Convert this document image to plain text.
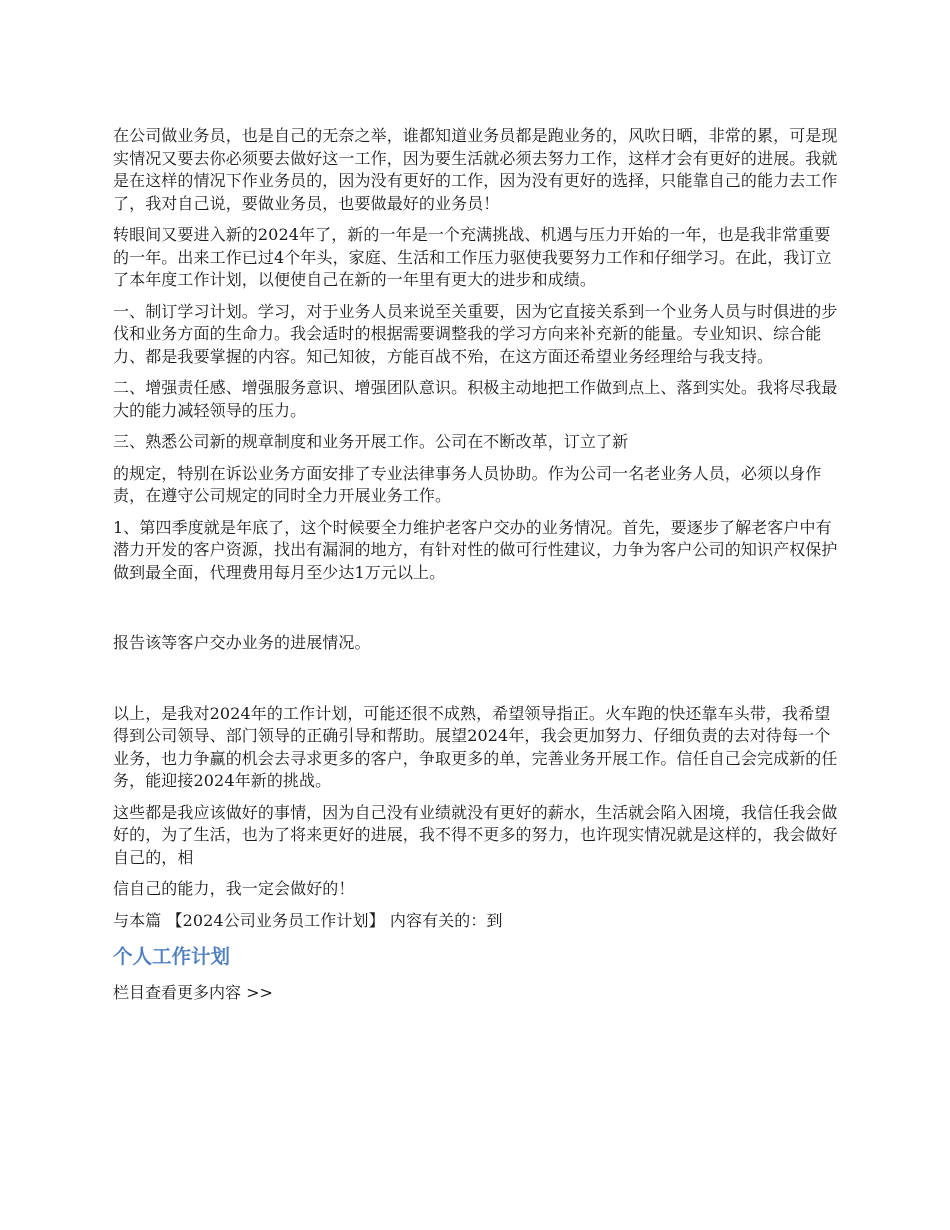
在公司做业务员，也是自己的无奈之举，谁都知道业务员都是跑业务的，风吹日晒，非常的累，可是现实情况又要去你必须要去做好这一工作，因为要生活就必须去努力工作，这样才会有更好的进展。我就是在这样的情况下作业务员的，因为没有更好的工作，因为没有更好的选择，只能靠自己的能力去工作了，我对自己说，要做业务员，也要做最好的业务员！

转眼间又要进入新的2024年了，新的一年是一个充满挑战、机遇与压力开始的一年，也是我非常重要的一年。出来工作已过4个年头，家庭、生活和工作压力驱使我要努力工作和仔细学习。在此，我订立了本年度工作计划，以便使自己在新的一年里有更大的进步和成绩。

一、制订学习计划。学习，对于业务人员来说至关重要，因为它直接关系到一个业务人员与时俱进的步伐和业务方面的生命力。我会适时的根据需要调整我的学习方向来补充新的能量。专业知识、综合能力、都是我要掌握的内容。知己知彼，方能百战不殆，在这方面还希望业务经理给与我支持。

二、增强责任感、增强服务意识、增强团队意识。积极主动地把工作做到点上、落到实处。我将尽我最大的能力减轻领导的压力。

三、熟悉公司新的规章制度和业务开展工作。公司在不断改革，订立了新

的规定，特别在诉讼业务方面安排了专业法律事务人员协助。作为公司一名老业务人员，必须以身作责，在遵守公司规定的同时全力开展业务工作。

1、第四季度就是年底了，这个时候要全力维护老客户交办的业务情况。首先，要逐步了解老客户中有潜力开发的客户资源，找出有漏洞的地方，有针对性的做可行性建议，力争为客户公司的知识产权保护做到最全面，代理费用每月至少达1万元以上。

报告该等客户交办业务的进展情况。

以上，是我对2024年的工作计划，可能还很不成熟，希望领导指正。火车跑的快还靠车头带，我希望得到公司领导、部门领导的正确引导和帮助。展望2024年，我会更加努力、仔细负责的去对待每一个业务，也力争赢的机会去寻求更多的客户，争取更多的单，完善业务开展工作。信任自己会完成新的任务，能迎接2024年新的挑战。

这些都是我应该做好的事情，因为自己没有业绩就没有更好的薪水，生活就会陷入困境，我信任我会做好的，为了生活，也为了将来更好的进展，我不得不更多的努力，也许现实情况就是这样的，我会做好自己的，相

信自己的能力，我一定会做好的！

与本篇 【2024公司业务员工作计划】 内容有关的：到

个人工作计划

栏目查看更多内容 >>
